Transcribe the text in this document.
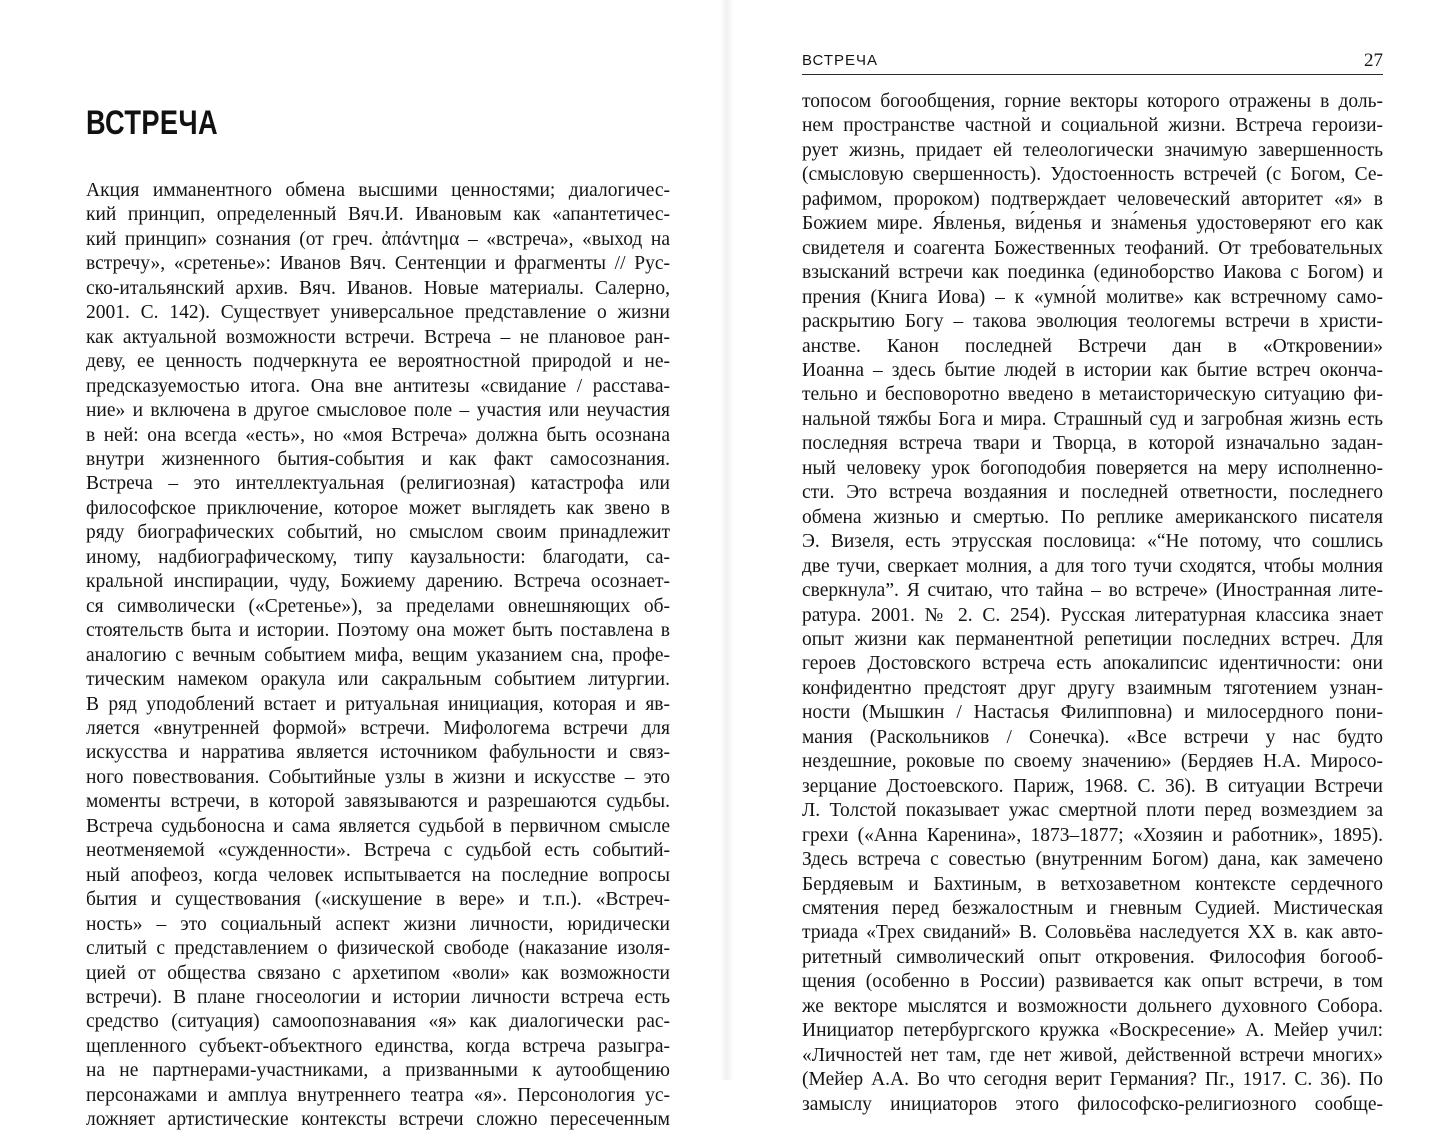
ВСТРЕЧА
Акция имманентного обмена высшими ценностями; диалогичес-
кий принцип, определенный Вяч.И. Ивановым как «апантетичес-
кий принцип» сознания (от греч. ἀπάντημα – «встреча», «выход на
встречу», «сретенье»: Иванов Вяч. Сентенции и фрагменты // Рус-
ско-итальянский архив. Вяч. Иванов. Новые материалы. Салерно,
2001. С. 142). Существует универсальное представление о жизни
как актуальной возможности встречи. Встреча – не плановое ран-
деву, ее ценность подчеркнута ее вероятностной природой и не-
предсказуемостью итога. Она вне антитезы «свидание / расстава-
ние» и включена в другое смысловое поле – участия или неучастия
в ней: она всегда «есть», но «моя Встреча» должна быть осознана
внутри жизненного бытия-события и как факт самосознания.
Встреча – это интеллектуальная (религиозная) катастрофа или
философское приключение, которое может выглядеть как звено в
ряду биографических событий, но смыслом своим принадлежит
иному, надбиографическому, типу каузальности: благодати, са-
кральной инспирации, чуду, Божиему дарению. Встреча осознает-
ся символически («Сретенье»), за пределами овнешняющих об-
стоятельств быта и истории. Поэтому она может быть поставлена в
аналогию с вечным событием мифа, вещим указанием сна, профе-
тическим намеком оракула или сакральным событием литургии.
В ряд уподоблений встает и ритуальная инициация, которая и яв-
ляется «внутренней формой» встречи. Мифологема встречи для
искусства и нарратива является источником фабульности и связ-
ного повествования. Событийные узлы в жизни и искусстве – это
моменты встречи, в которой завязываются и разрешаются судьбы.
Встреча судьбоносна и сама является судьбой в первичном смысле
неотменяемой «сужденности». Встреча с судьбой есть событий-
ный апофеоз, когда человек испытывается на последние вопросы
бытия и существования («искушение в вере» и т.п.). «Встреч-
ность» – это социальный аспект жизни личности, юридически
слитый с представлением о физической свободе (наказание изоля-
цией от общества связано с архетипом «воли» как возможности
встречи). В плане гносеологии и истории личности встреча есть
средство (ситуация) самоопознавания «я» как диалогически рас-
щепленного субъект-объектного единства, когда встреча разыгра-
на не партнерами-участниками, а призванными к аутообщению
персонажами и амплуа внутреннего театра «я». Персонология ус-
ложняет артистические контексты встречи сложно пересеченным
ВСТРЕЧА	27
топосом богообщения, горние векторы которого отражены в доль-
нем пространстве частной и социальной жизни. Встреча героизи-
рует жизнь, придает ей телеологически значимую завершенность
(смысловую свершенность). Удостоенность встречей (с Богом, Се-
рафимом, пророком) подтверждает человеческий авторитет «я» в
Божием мире. Я́вленья, ви́денья и зна́менья удостоверяют его как
свидетеля и соагента Божественных теофаний. От требовательных
взысканий встречи как поединка (единоборство Иакова с Богом) и
прения (Книга Иова) – к «умно́й молитве» как встречному само-
раскрытию Богу – такова эволюция теологемы встречи в христи-
анстве. Канон последней Встречи дан в «Откровении»
Иоанна – здесь бытие людей в истории как бытие встреч оконча-
тельно и бесповоротно введено в метаисторическую ситуацию фи-
нальной тяжбы Бога и мира. Страшный суд и загробная жизнь есть
последняя встреча твари и Творца, в которой изначально задан-
ный человеку урок богоподобия поверяется на меру исполненно-
сти. Это встреча воздаяния и последней ответности, последнего
обмена жизнью и смертью. По реплике американского писателя
Э. Визеля, есть этрусская пословица: «“Не потому, что сошлись
две тучи, сверкает молния, а для того тучи сходятся, чтобы молния
сверкнула”. Я считаю, что тайна – во встрече» (Иностранная лите-
ратура. 2001. № 2. С. 254). Русская литературная классика знает
опыт жизни как перманентной репетиции последних встреч. Для
героев Достовского встреча есть апокалипсис идентичности: они
конфидентно предстоят друг другу взаимным тяготением узнан-
ности (Мышкин / Настасья Филипповна) и милосердного пони-
мания (Раскольников / Сонечка). «Все встречи у нас будто
нездешние, роковые по своему значению» (Бердяев Н.А. Миросо-
зерцание Достоевского. Париж, 1968. С. 36). В ситуации Встречи
Л. Толстой показывает ужас смертной плоти перед возмездием за
грехи («Анна Каренина», 1873–1877; «Хозяин и работник», 1895).
Здесь встреча с совестью (внутренним Богом) дана, как замечено
Бердяевым и Бахтиным, в ветхозаветном контексте сердечного
смятения перед безжалостным и гневным Судией. Мистическая
триада «Трех свиданий» В. Соловьёва наследуется XX в. как авто-
ритетный символический опыт откровения. Философия богооб-
щения (особенно в России) развивается как опыт встречи, в том
же векторе мыслятся и возможности дольнего духовного Собора.
Инициатор петербургского кружка «Воскресение» А. Мейер учил:
«Личностей нет там, где нет живой, действенной встречи многих»
(Мейер А.А. Во что сегодня верит Германия? Пг., 1917. С. 36). По
замыслу инициаторов этого философско-религиозного сообще-
